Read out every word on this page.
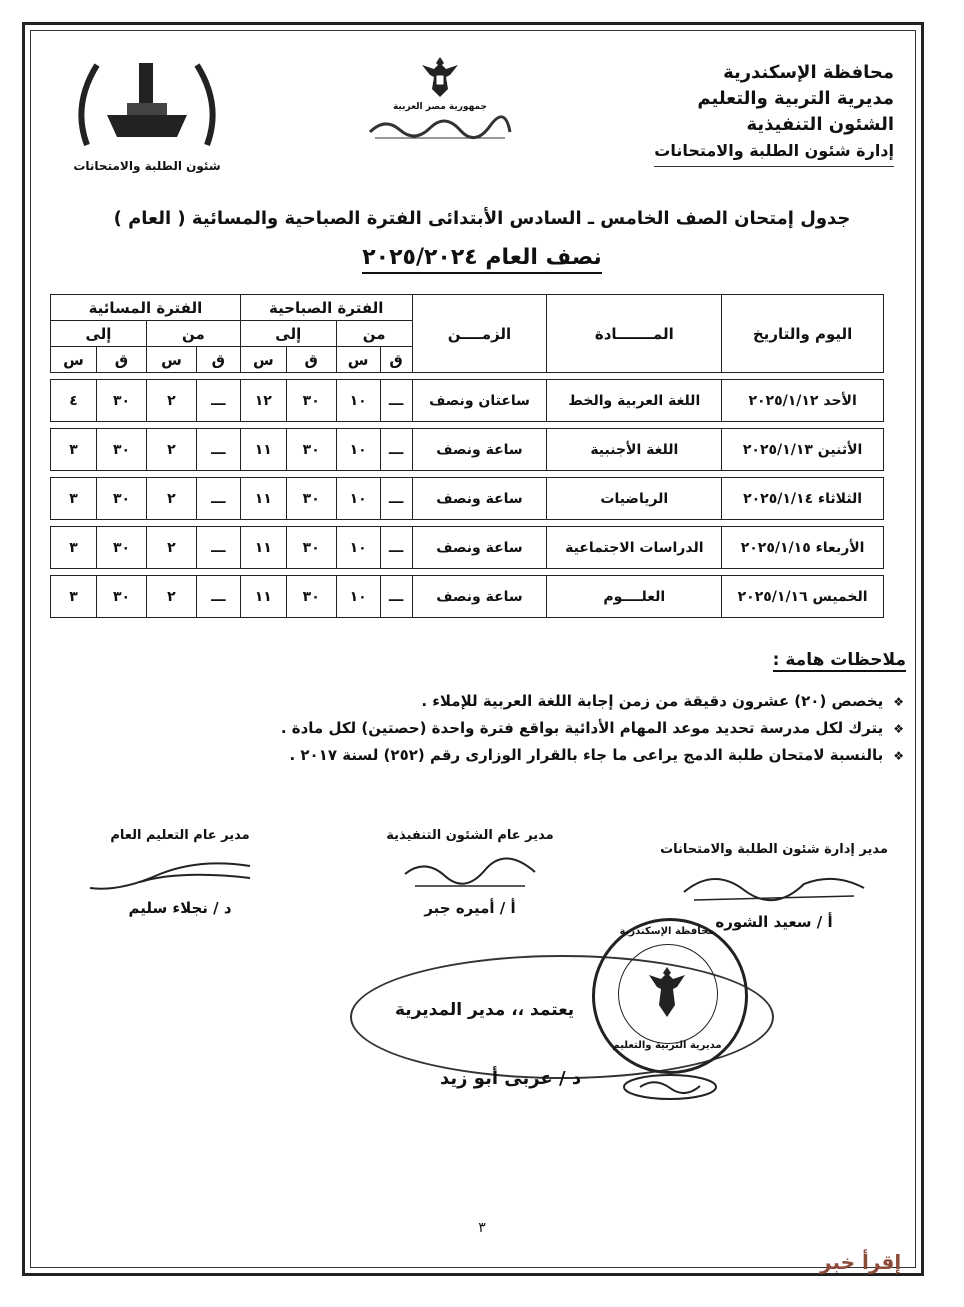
محافظة الإسكندرية
مديرية التربية والتعليم
الشئون التنفيذية
إدارة شئون الطلبة والامتحانات
جمهورية مصر العربية
شئون الطلبة والامتحانات
جدول إمتحان الصف الخامس ـ السادس الأبتدائى الفترة الصباحية والمسائية ( العام )
نصف العام ٢٠٢٥/٢٠٢٤
اليوم والتاريخ	المـــــــادة	الزمــــن	الفترة الصباحية				الفترة المسائية			
			من		إلى		من		إلى	
			ق	س	ق	س	ق	س	ق	س

الأحد ٢٠٢٥/١/١٢	اللغة العربية والخط	ساعتان ونصف	ـــ	١٠	٣٠	١٢	ـــ	٢	٣٠	٤

الأثنين ٢٠٢٥/١/١٣	اللغة الأجنبية	ساعة ونصف	ـــ	١٠	٣٠	١١	ـــ	٢	٣٠	٣

الثلاثاء ٢٠٢٥/١/١٤	الرياضيات	ساعة ونصف	ـــ	١٠	٣٠	١١	ـــ	٢	٣٠	٣

الأربعاء ٢٠٢٥/١/١٥	الدراسات الاجتماعية	ساعة ونصف	ـــ	١٠	٣٠	١١	ـــ	٢	٣٠	٣

الخميس ٢٠٢٥/١/١٦	العلــــوم	ساعة ونصف	ـــ	١٠	٣٠	١١	ـــ	٢	٣٠	٣
ملاحظات هامة :
❖ يخصص (٢٠) عشرون دقيقة من زمن إجابة اللغة العربية للإملاء .
❖ يترك لكل مدرسة تحديد موعد المهام الأدائية بواقع فترة واحدة (حصتين) لكل مادة .
❖ بالنسبة لامتحان طلبة الدمج يراعى ما جاء بالقرار الوزارى رقم (٢٥٢) لسنة ٢٠١٧ .
مدير إدارة شئون الطلبة والامتحانات
أ / سعيد الشوره
مدير عام الشئون التنفيذية
أ / أميره جبر
مدير عام التعليم العام
د / نجلاء سليم
محافظة الإسكندرية
مديرية التربية والتعليم
يعتمد ،، مدير المديرية
د / عربى أبو زيد
٣
إقرأ خبر
